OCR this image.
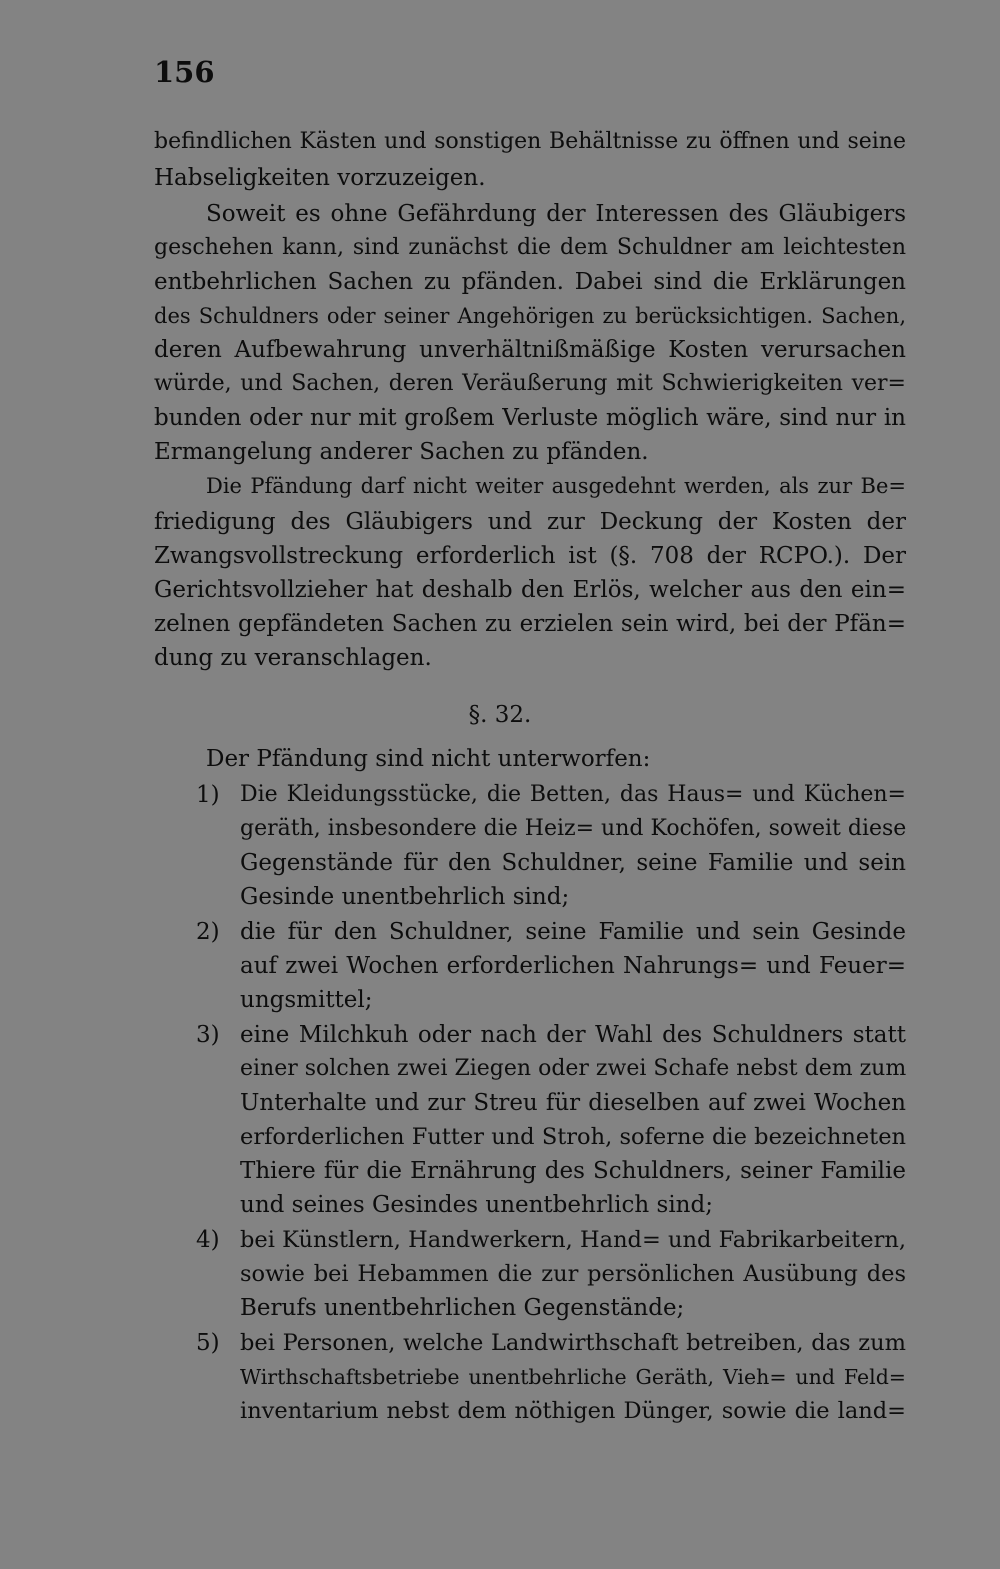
156
befindlichen Kästen und sonstigen Behältnisse zu öffnen und seine
Habseligkeiten vorzuzeigen.
Soweit es ohne Gefährdung der Interessen des Gläubigers
geschehen kann, sind zunächst die dem Schuldner am leichtesten
entbehrlichen Sachen zu pfänden. Dabei sind die Erklärungen
des Schuldners oder seiner Angehörigen zu berücksichtigen. Sachen,
deren Aufbewahrung unverhältnißmäßige Kosten verursachen
würde, und Sachen, deren Veräußerung mit Schwierigkeiten ver=
bunden oder nur mit großem Verluste möglich wäre, sind nur in
Ermangelung anderer Sachen zu pfänden.
Die Pfändung darf nicht weiter ausgedehnt werden, als zur Be=
friedigung des Gläubigers und zur Deckung der Kosten der
Zwangsvollstreckung erforderlich ist (§. 708 der RCPO.). Der
Gerichtsvollzieher hat deshalb den Erlös, welcher aus den ein=
zelnen gepfändeten Sachen zu erzielen sein wird, bei der Pfän=
dung zu veranschlagen.
§. 32.
Der Pfändung sind nicht unterworfen:
1) Die Kleidungsstücke, die Betten, das Haus= und Küchen=
geräth, insbesondere die Heiz= und Kochöfen, soweit diese
Gegenstände für den Schuldner, seine Familie und sein
Gesinde unentbehrlich sind;
2) die für den Schuldner, seine Familie und sein Gesinde
auf zwei Wochen erforderlichen Nahrungs= und Feuer=
ungsmittel;
3) eine Milchkuh oder nach der Wahl des Schuldners statt
einer solchen zwei Ziegen oder zwei Schafe nebst dem zum
Unterhalte und zur Streu für dieselben auf zwei Wochen
erforderlichen Futter und Stroh, soferne die bezeichneten
Thiere für die Ernährung des Schuldners, seiner Familie
und seines Gesindes unentbehrlich sind;
4) bei Künstlern, Handwerkern, Hand= und Fabrikarbeitern,
sowie bei Hebammen die zur persönlichen Ausübung des
Berufs unentbehrlichen Gegenstände;
5) bei Personen, welche Landwirthschaft betreiben, das zum
Wirthschaftsbetriebe unentbehrliche Geräth, Vieh= und Feld=
inventarium nebst dem nöthigen Dünger, sowie die land=
